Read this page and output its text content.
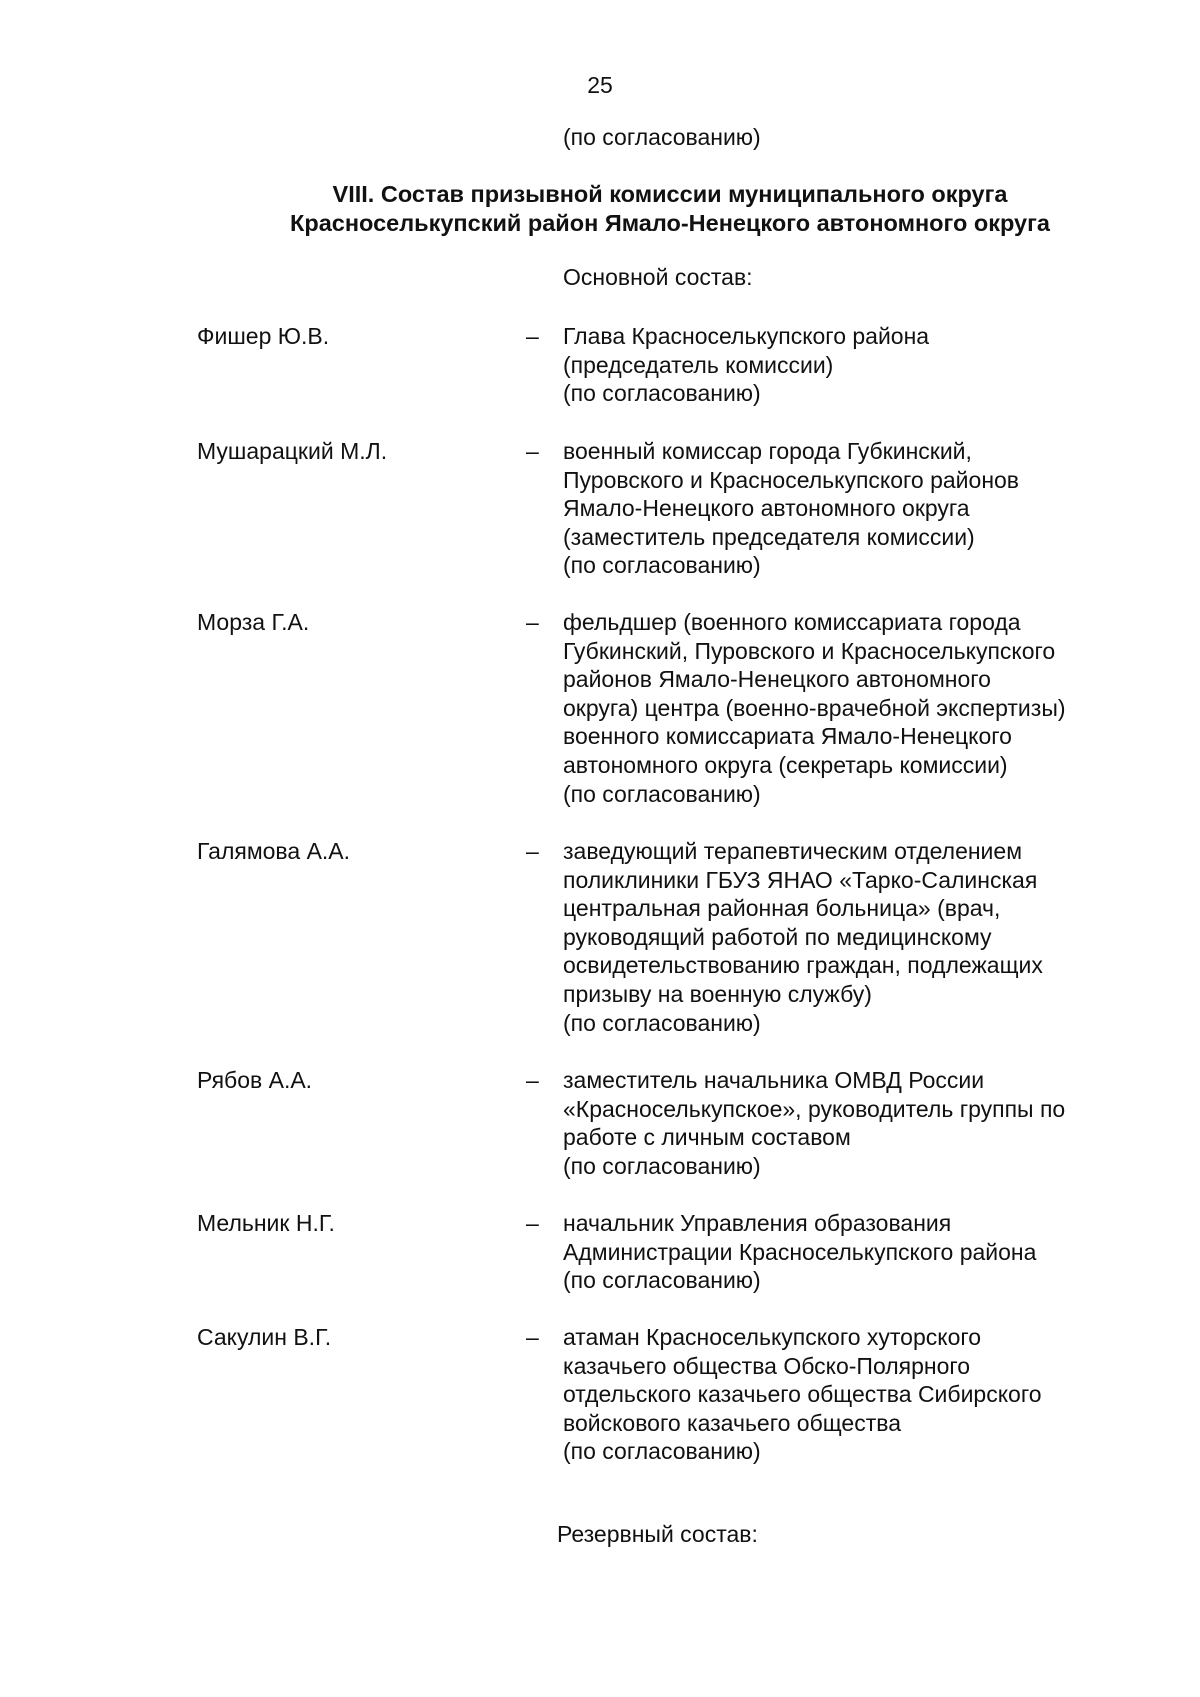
25
(по согласованию)
VIII. Состав призывной комиссии муниципального округа
Красноселькупский район Ямало-Ненецкого автономного округа
Основной состав:
Фишер Ю.В.	– Глава Красноселькупского района
(председатель комиссии)
(по согласованию)
Мушарацкий М.Л.	– военный комиссар города Губкинский,
Пуровского и Красноселькупского районов
Ямало-Ненецкого автономного округа
(заместитель председателя комиссии)
(по согласованию)
Морза Г.А.	– фельдшер (военного комиссариата города
Губкинский, Пуровского и Красноселькупского
районов Ямало-Ненецкого автономного
округа) центра (военно-врачебной экспертизы)
военного комиссариата Ямало-Ненецкого
автономного округа (секретарь комиссии)
(по согласованию)
Галямова А.А.	– заведующий терапевтическим отделением
поликлиники ГБУЗ ЯНАО «Тарко-Салинская
центральная районная больница» (врач,
руководящий работой по медицинскому
освидетельствованию граждан, подлежащих
призыву на военную службу)
(по согласованию)
Рябов А.А.	– заместитель начальника ОМВД России
«Красноселькупское», руководитель группы по
работе с личным составом
(по согласованию)
Мельник Н.Г.	– начальник Управления образования
Администрации Красноселькупского района
(по согласованию)
Сакулин В.Г.	– атаман Красноселькупского хуторского
казачьего общества Обско-Полярного
отдельского казачьего общества Сибирского
войскового казачьего общества
(по согласованию)
Резервный состав:
